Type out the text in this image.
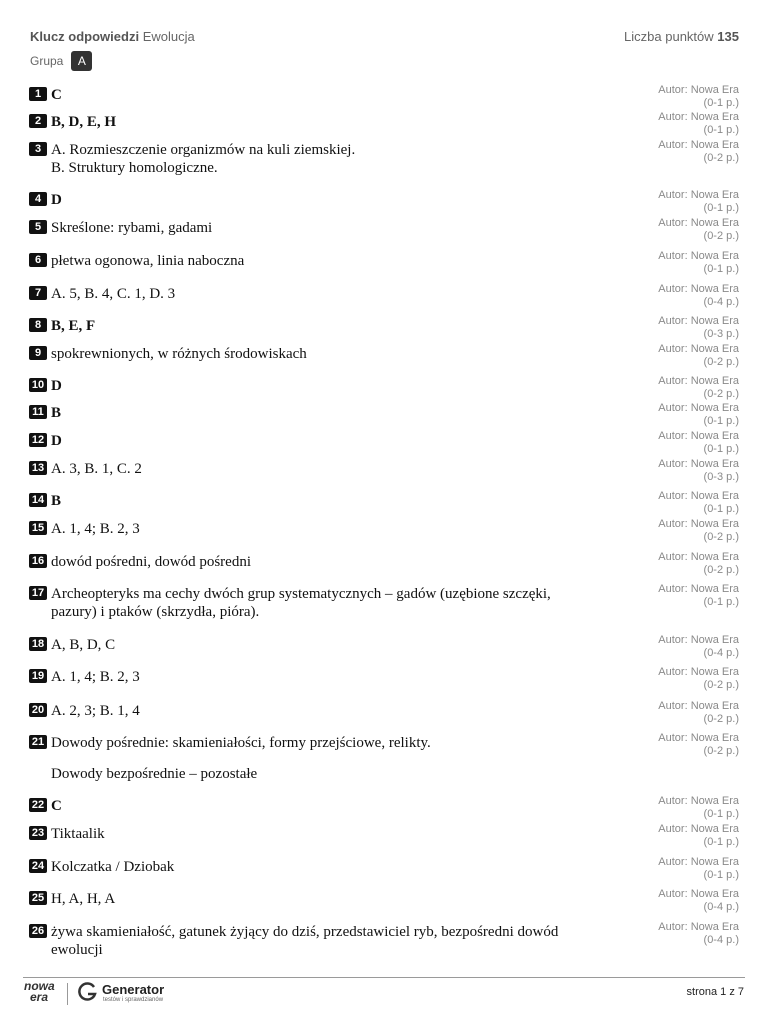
Klucz odpowiedzi Ewolucja	Liczba punktów 135
Grupa	A
1 C	Autor: Nowa Era
(0-1 p.)
2 B, D, E, H	Autor: Nowa Era
(0-1 p.)
3 A. Rozmieszczenie organizmów na kuli ziemskiej.
B. Struktury homologiczne.
Autor: Nowa Era
(0-2 p.)
4 D	Autor: Nowa Era
(0-1 p.)
5 Skreślone: rybami, gadami	Autor: Nowa Era
(0-2 p.)
6 płetwa ogonowa, linia naboczna	Autor: Nowa Era
(0-1 p.)
7 A. 5, B. 4, C. 1, D. 3	Autor: Nowa Era
(0-4 p.)
8 B, E, F	Autor: Nowa Era
(0-3 p.)
9 spokrewnionych, w różnych środowiskach	Autor: Nowa Era
(0-2 p.)
10 D	Autor: Nowa Era
(0-2 p.)
11 B	Autor: Nowa Era
(0-1 p.)
12 D	Autor: Nowa Era
(0-1 p.)
13 A. 3, B. 1, C. 2	Autor: Nowa Era
(0-3 p.)
14 B	Autor: Nowa Era
(0-1 p.)
15 A. 1, 4; B. 2, 3	Autor: Nowa Era
(0-2 p.)
16 dowód pośredni, dowód pośredni	Autor: Nowa Era
(0-2 p.)
17 Archeopteryks ma cechy dwóch grup systematycznych – gadów (uzębione szczęki,
pazury) i ptaków (skrzydła, pióra).
Autor: Nowa Era
(0-1 p.)
18 A, B, D, C	Autor: Nowa Era
(0-4 p.)
19 A. 1, 4; B. 2, 3	Autor: Nowa Era
(0-2 p.)
20 A. 2, 3; B. 1, 4	Autor: Nowa Era
(0-2 p.)
21 Dowody pośrednie: skamieniałości, formy przejściowe, relikty.
Dowody bezpośrednie – pozostałe
Autor: Nowa Era
(0-2 p.)
22 C	Autor: Nowa Era
(0-1 p.)
23 Tiktaalik	Autor: Nowa Era
(0-1 p.)
24 Kolczatka / Dziobak	Autor: Nowa Era
(0-1 p.)
25 H, A, H, A	Autor: Nowa Era
(0-4 p.)
26 żywa skamieniałość, gatunek żyjący do dziś, przedstawiciel ryb, bezpośredni dowód
ewolucji
Autor: Nowa Era
(0-4 p.)
nowa
era	Generator
testów i sprawdzianów
strona 1 z 7
